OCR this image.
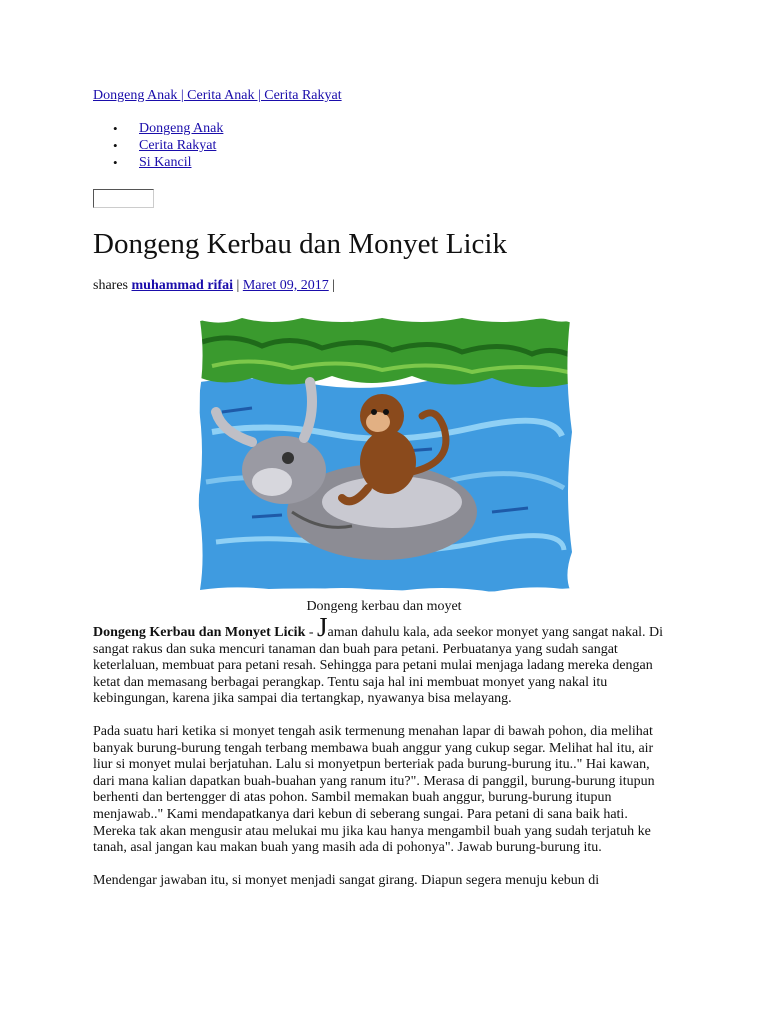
Dongeng Anak | Cerita Anak | Cerita Rakyat
• Dongeng Anak
• Cerita Rakyat
• Si Kancil
Dongeng Kerbau dan Monyet Licik
shares muhammad rifai | Maret 09, 2017 |
Dongeng kerbau dan moyet

Dongeng Kerbau dan Monyet Licik - Jaman dahulu kala, ada seekor monyet yang sangat nakal. Di sangat rakus dan suka mencuri tanaman dan buah para petani. Perbuatanya yang sudah sangat keterlaluan, membuat para petani resah. Sehingga para petani mulai menjaga ladang mereka dengan ketat dan memasang berbagai perangkap. Tentu saja hal ini membuat monyet yang nakal itu kebingungan, karena jika sampai dia tertangkap, nyawanya bisa melayang.

Pada suatu hari ketika si monyet tengah asik termenung menahan lapar di bawah pohon, dia melihat banyak burung-burung tengah terbang membawa buah anggur yang cukup segar. Melihat hal itu, air liur si monyet mulai berjatuhan. Lalu si monyetpun berteriak pada burung-burung itu.." Hai kawan, dari mana kalian dapatkan buah-buahan yang ranum itu?". Merasa di panggil, burung-burung itupun berhenti dan bertengger di atas pohon. Sambil memakan buah anggur, burung-burung itupun menjawab.." Kami mendapatkanya dari kebun di seberang sungai. Para petani di sana baik hati. Mereka tak akan mengusir atau melukai mu jika kau hanya mengambil buah yang sudah terjatuh ke tanah, asal jangan kau makan buah yang masih ada di pohonya". Jawab burung-burung itu.

Mendengar jawaban itu, si monyet menjadi sangat girang. Diapun segera menuju kebun di
